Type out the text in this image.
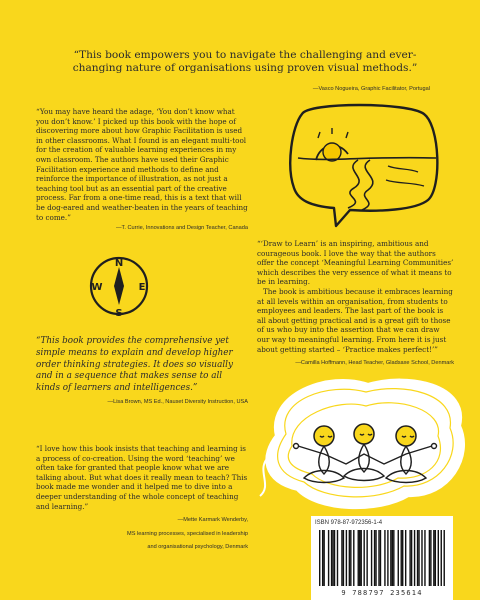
“This book empowers you to navigate the challenging and ever-changing nature of organisations using proven visual methods.”

—Vasco Nogueira, Graphic Facilitator, Portugal

“You may have heard the adage, ‘You don’t know what you don’t know.’ I picked up this book with the hope of discovering more about how Graphic Facilitation is used in other classrooms. What I found is an elegant multi-tool for the creation of valuable learning experiences in my own classroom. The authors have used their Graphic Facilitation experience and methods to define and reinforce the importance of illustration, as not just a teaching tool but as an essential part of the creative process. Far from a one-time read, this is a text that will be dog-eared and weather-beaten in the years of teaching to come.”

—T. Currie, Innovations and Design Teacher, Canada

N
S
E
W

“‘Draw to Learn’ is an inspiring, ambitious and courageous book. I love the way that the authors offer the concept ‘Meaningful Learning Communities’ which describes the very essence of what it means to be in learning.

The book is ambitious because it embraces learning at all levels within an organisation, from students to employees and leaders. The last part of the book is all about getting practical and is a great gift to those of us who buy into the assertion that we can draw our way to meaningful learning. From here it is just about getting started – ‘Practice makes perfect!’”

—Camilla Hoffmann, Head Teacher, Gladsaxe School, Denmark

“This book provides the comprehensive yet simple means to explain and develop higher order thinking strategies. It does so visually and in a sequence that makes sense to all kinds of learners and intelligences.”

—Lisa Brown, MS Ed., Nauset Diversity Instruction, USA

“I love how this book insists that teaching and learning is a process of co-creation. Using the word ‘teaching’ we often take for granted that people know what we are talking about. But what does it really mean to teach? This book made me wonder and it helped me to dive into a deeper understanding of the whole concept of teaching and learning.”

—Mette Karmark Wenderby,

MS learning processes, specialised in leadership

and organisational psychology, Denmark

ISBN 978-87-972356-1-4
9 788797 235614
